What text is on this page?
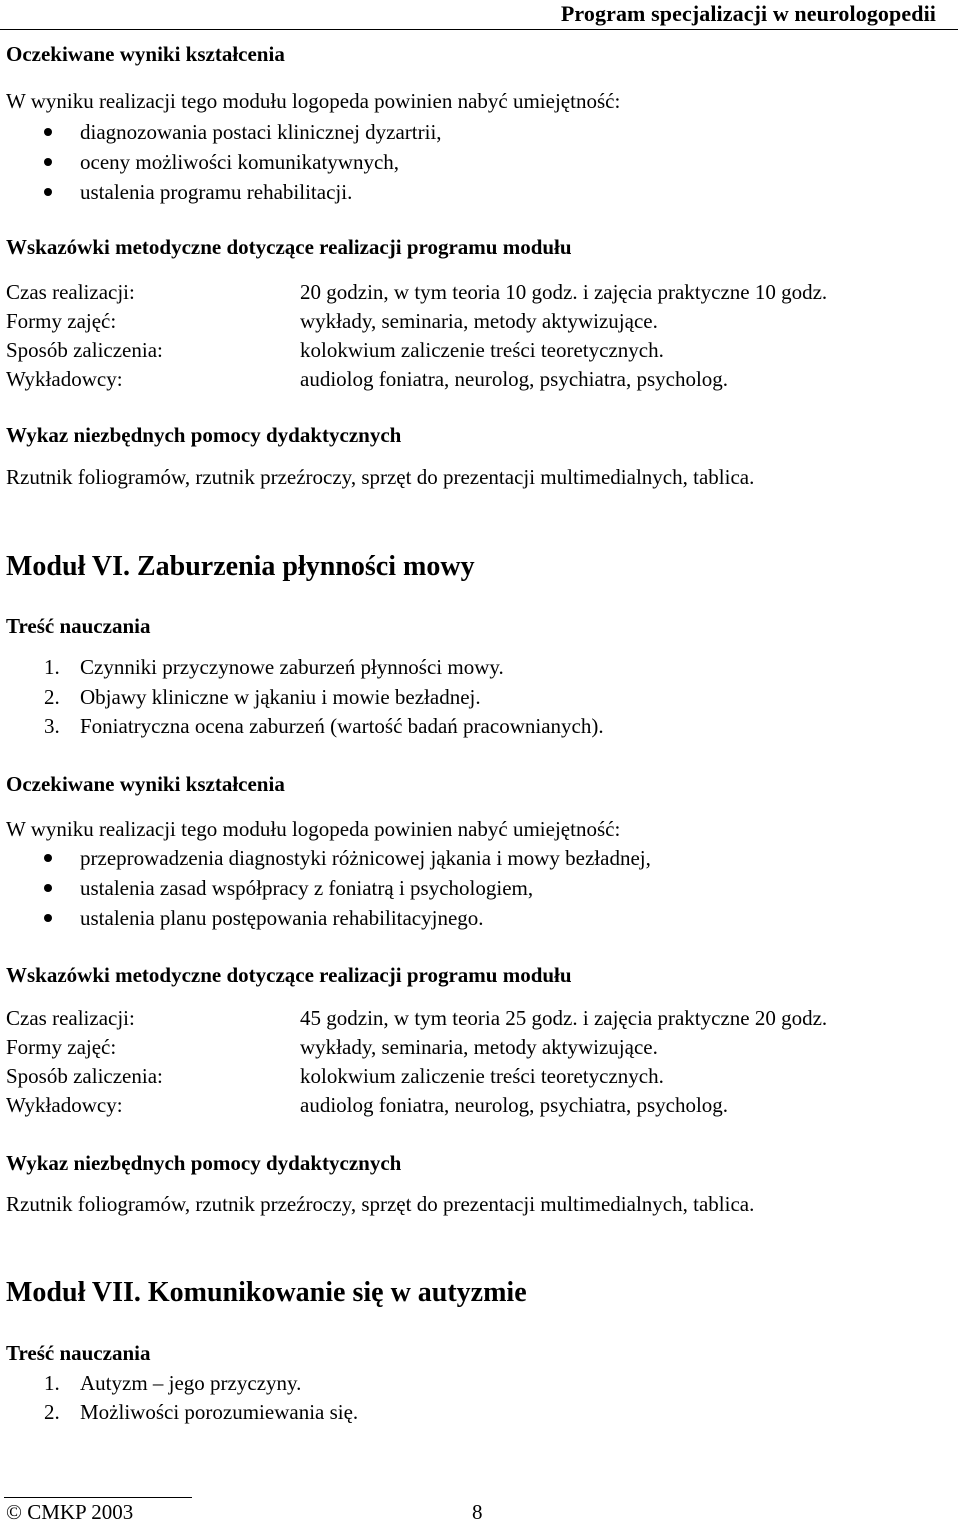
Program specjalizacji w neurologopedii
Oczekiwane wyniki kształcenia
W wyniku realizacji tego modułu logopeda powinien nabyć umiejętność:
diagnozowania postaci klinicznej dyzartrii,
oceny możliwości komunikatywnych,
ustalenia programu rehabilitacji.
Wskazówki metodyczne dotyczące realizacji programu modułu
Czas realizacji:	20 godzin, w tym teoria 10 godz. i zajęcia praktyczne 10 godz.
Formy zajęć:	wykłady, seminaria, metody aktywizujące.
Sposób zaliczenia:	kolokwium zaliczenie treści teoretycznych.
Wykładowcy:	audiolog foniatra, neurolog, psychiatra, psycholog.
Wykaz niezbędnych pomocy dydaktycznych
Rzutnik foliogramów, rzutnik przeźroczy, sprzęt do prezentacji multimedialnych, tablica.
Moduł VI. Zaburzenia płynności mowy
Treść nauczania
1. Czynniki przyczynowe zaburzeń płynności mowy.
2. Objawy kliniczne w jąkaniu i mowie bezładnej.
3. Foniatryczna ocena zaburzeń (wartość badań pracownianych).
Oczekiwane wyniki kształcenia
W wyniku realizacji tego modułu logopeda powinien nabyć umiejętność:
przeprowadzenia diagnostyki różnicowej jąkania i mowy bezładnej,
ustalenia zasad współpracy z foniatrą i psychologiem,
ustalenia planu postępowania rehabilitacyjnego.
Wskazówki metodyczne dotyczące realizacji programu modułu
Czas realizacji:	45 godzin, w tym teoria 25 godz. i zajęcia praktyczne 20 godz.
Formy zajęć:	wykłady, seminaria, metody aktywizujące.
Sposób zaliczenia:	kolokwium zaliczenie treści teoretycznych.
Wykładowcy:	audiolog foniatra, neurolog, psychiatra, psycholog.
Wykaz niezbędnych pomocy dydaktycznych
Rzutnik foliogramów, rzutnik przeźroczy, sprzęt do prezentacji multimedialnych, tablica.
Moduł VII. Komunikowanie się w autyzmie
Treść nauczania
1. Autyzm – jego przyczyny.
2. Możliwości porozumiewania się.
© CMKP 2003	8
